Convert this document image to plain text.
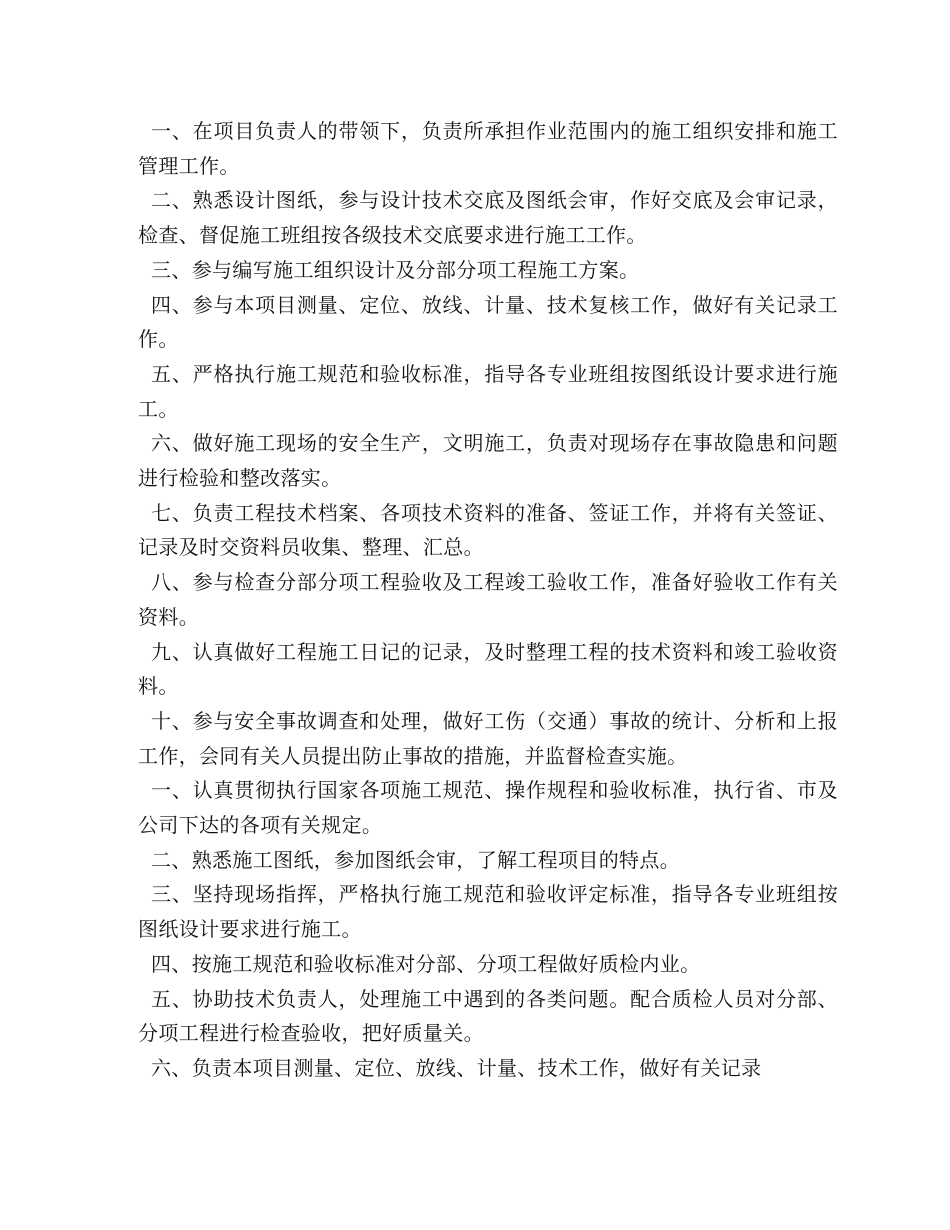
一、在项目负责人的带领下，负责所承担作业范围内的施工组织安排和施工管理工作。

二、熟悉设计图纸，参与设计技术交底及图纸会审，作好交底及会审记录，检查、督促施工班组按各级技术交底要求进行施工工作。

三、参与编写施工组织设计及分部分项工程施工方案。

四、参与本项目测量、定位、放线、计量、技术复核工作，做好有关记录工作。

五、严格执行施工规范和验收标准，指导各专业班组按图纸设计要求进行施工。

六、做好施工现场的安全生产，文明施工，负责对现场存在事故隐患和问题进行检验和整改落实。

七、负责工程技术档案、各项技术资料的准备、签证工作，并将有关签证、记录及时交资料员收集、整理、汇总。

八、参与检查分部分项工程验收及工程竣工验收工作，准备好验收工作有关资料。

九、认真做好工程施工日记的记录，及时整理工程的技术资料和竣工验收资料。

十、参与安全事故调查和处理，做好工伤（交通）事故的统计、分析和上报工作，会同有关人员提出防止事故的措施，并监督检查实施。

一、认真贯彻执行国家各项施工规范、操作规程和验收标准，执行省、市及公司下达的各项有关规定。

二、熟悉施工图纸，参加图纸会审，了解工程项目的特点。

三、坚持现场指挥，严格执行施工规范和验收评定标准，指导各专业班组按图纸设计要求进行施工。

四、按施工规范和验收标准对分部、分项工程做好质检内业。

五、协助技术负责人，处理施工中遇到的各类问题。配合质检人员对分部、分项工程进行检查验收，把好质量关。

六、负责本项目测量、定位、放线、计量、技术工作，做好有关记录
